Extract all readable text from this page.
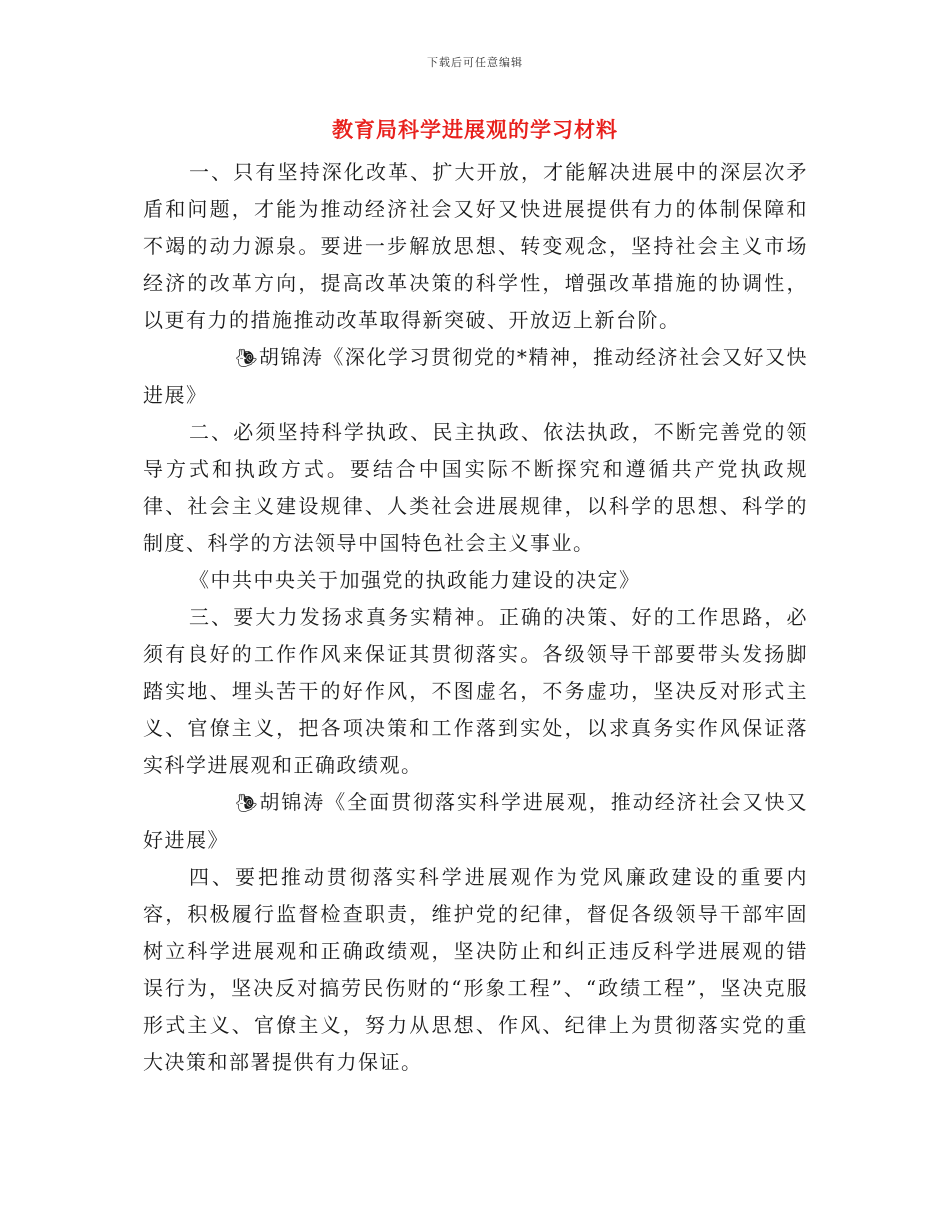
下载后可任意编辑
教育局科学进展观的学习材料

一、只有坚持深化改革、扩大开放，才能解决进展中的深层次矛盾和问题，才能为推动经济社会又好又快进展提供有力的体制保障和不竭的动力源泉。要进一步解放思想、转变观念，坚持社会主义市场经济的改革方向，提高改革决策的科学性，增强改革措施的协调性，以更有力的措施推动改革取得新突破、开放迈上新台阶。

🐌︎胡锦涛《深化学习贯彻党的*精神，推动经济社会又好又快进展》

二、必须坚持科学执政、民主执政、依法执政，不断完善党的领导方式和执政方式。要结合中国实际不断探究和遵循共产党执政规律、社会主义建设规律、人类社会进展规律，以科学的思想、科学的制度、科学的方法领导中国特色社会主义事业。

《中共中央关于加强党的执政能力建设的决定》

三、要大力发扬求真务实精神。正确的决策、好的工作思路，必须有良好的工作作风来保证其贯彻落实。各级领导干部要带头发扬脚踏实地、埋头苦干的好作风，不图虚名，不务虚功，坚决反对形式主义、官僚主义，把各项决策和工作落到实处，以求真务实作风保证落实科学进展观和正确政绩观。

🐌︎胡锦涛《全面贯彻落实科学进展观，推动经济社会又快又好进展》

四、要把推动贯彻落实科学进展观作为党风廉政建设的重要内容，积极履行监督检查职责，维护党的纪律，督促各级领导干部牢固树立科学进展观和正确政绩观，坚决防止和纠正违反科学进展观的错误行为，坚决反对搞劳民伤财的“形象工程”、“政绩工程”，坚决克服形式主义、官僚主义，努力从思想、作风、纪律上为贯彻落实党的重大决策和部署提供有力保证。
